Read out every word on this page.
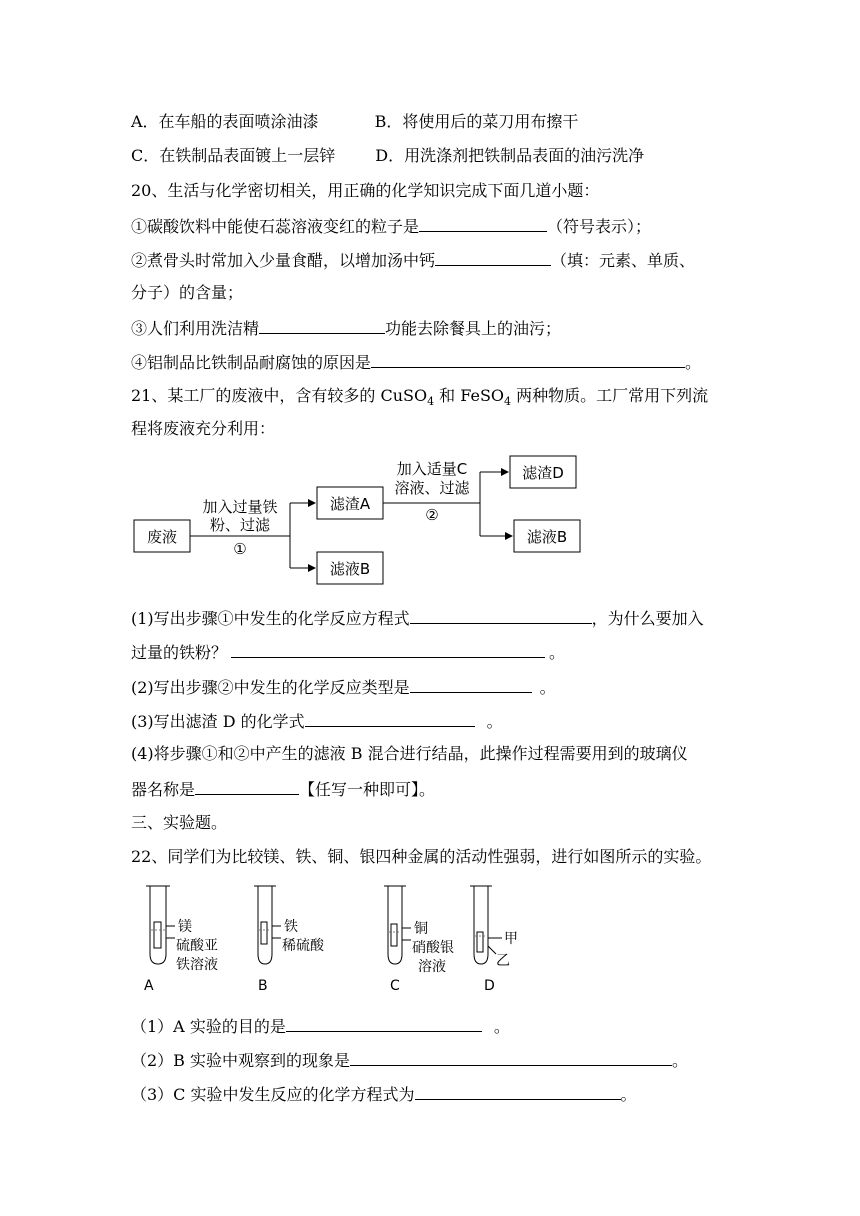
A．在车船的表面喷涂油漆	B．将使用后的菜刀用布擦干
C．在铁制品表面镀上一层锌	D．用洗涤剂把铁制品表面的油污洗净
20、生活与化学密切相关，用正确的化学知识完成下面几道小题：
①碳酸饮料中能使石蕊溶液变红的粒子是	（符号表示）；
②煮骨头时常加入少量食醋，以增加汤中钙	（填：元素、单质、
分子）的含量；
③人们利用洗洁精	功能去除餐具上的油污；
④铝制品比铁制品耐腐蚀的原因是	。
21、某工厂的废液中，含有较多的 CuSO$_4$ 和 FeSO$_4$ 两种物质。工厂常用下列流
程将废液充分利用：
废液
加入过量铁
粉、过滤
①
滤渣A
滤液B
加入适量C
溶液、过滤
②
滤渣D
滤液B
(1)写出步骤①中发生的化学反应方程式	，为什么要加入
过量的铁粉？	。
(2)写出步骤②中发生的化学反应类型是	。
(3)写出滤渣 D 的化学式	。
(4)将步骤①和②中产生的滤液 B 混合进行结晶，此操作过程需要用到的玻璃仪
器名称是	【任写一种即可】。
三、实验题。
22、同学们为比较镁、铁、铜、银四种金属的活动性强弱，进行如图所示的实验。
镁
硫酸亚
铁溶液
A
铁
稀硫酸
B
铜
硝酸银
溶液
C
甲
乙
D
（1）A 实验的目的是	。
（2）B 实验中观察到的现象是	。
（3）C 实验中发生反应的化学方程式为	。
